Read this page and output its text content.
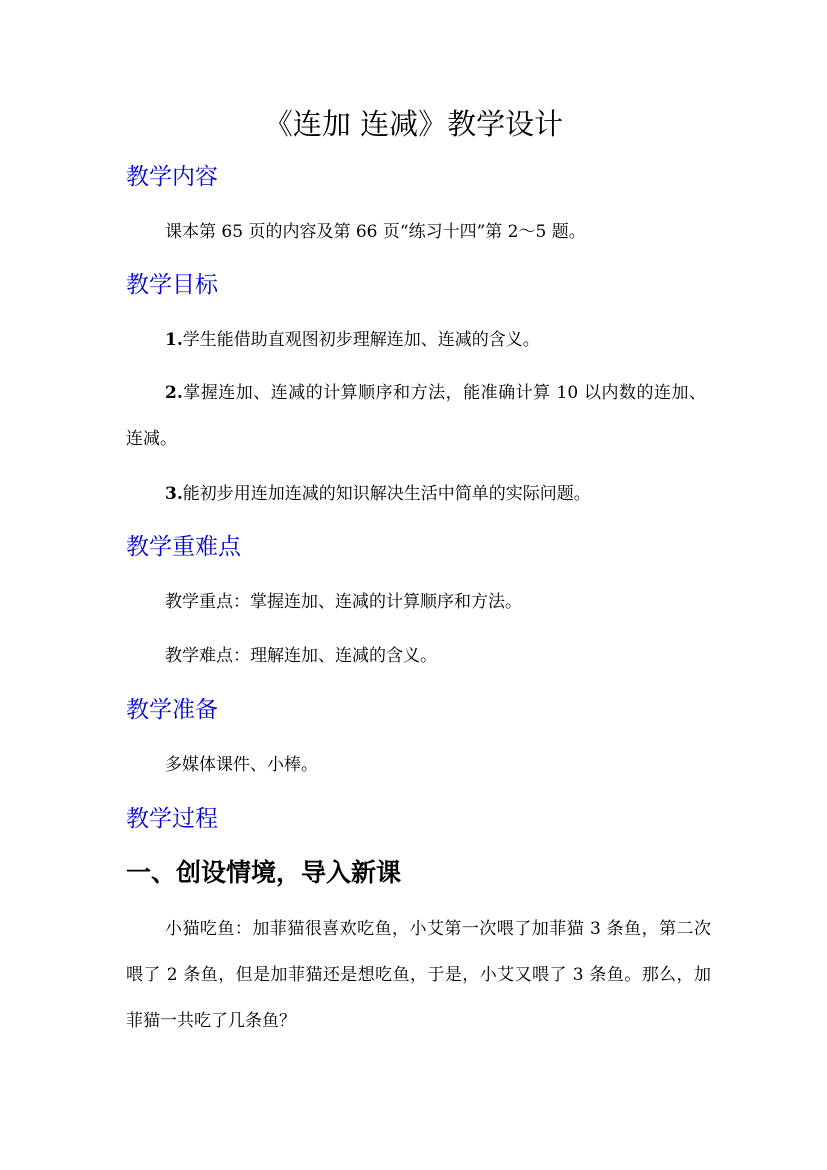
《连加 连减》教学设计
教学内容

课本第 65 页的内容及第 66 页“练习十四”第 2～5 题。

教学目标

1.学生能借助直观图初步理解连加、连减的含义。

2.掌握连加、连减的计算顺序和方法，能准确计算 10 以内数的连加、连减。

3.能初步用连加连减的知识解决生活中简单的实际问题。

教学重难点

教学重点：掌握连加、连减的计算顺序和方法。

教学难点：理解连加、连减的含义。

教学准备

多媒体课件、小棒。

教学过程
一、创设情境，导入新课

小猫吃鱼：加菲猫很喜欢吃鱼，小艾第一次喂了加菲猫 3 条鱼，第二次喂了 2 条鱼，但是加菲猫还是想吃鱼，于是，小艾又喂了 3 条鱼。那么，加菲猫一共吃了几条鱼？
